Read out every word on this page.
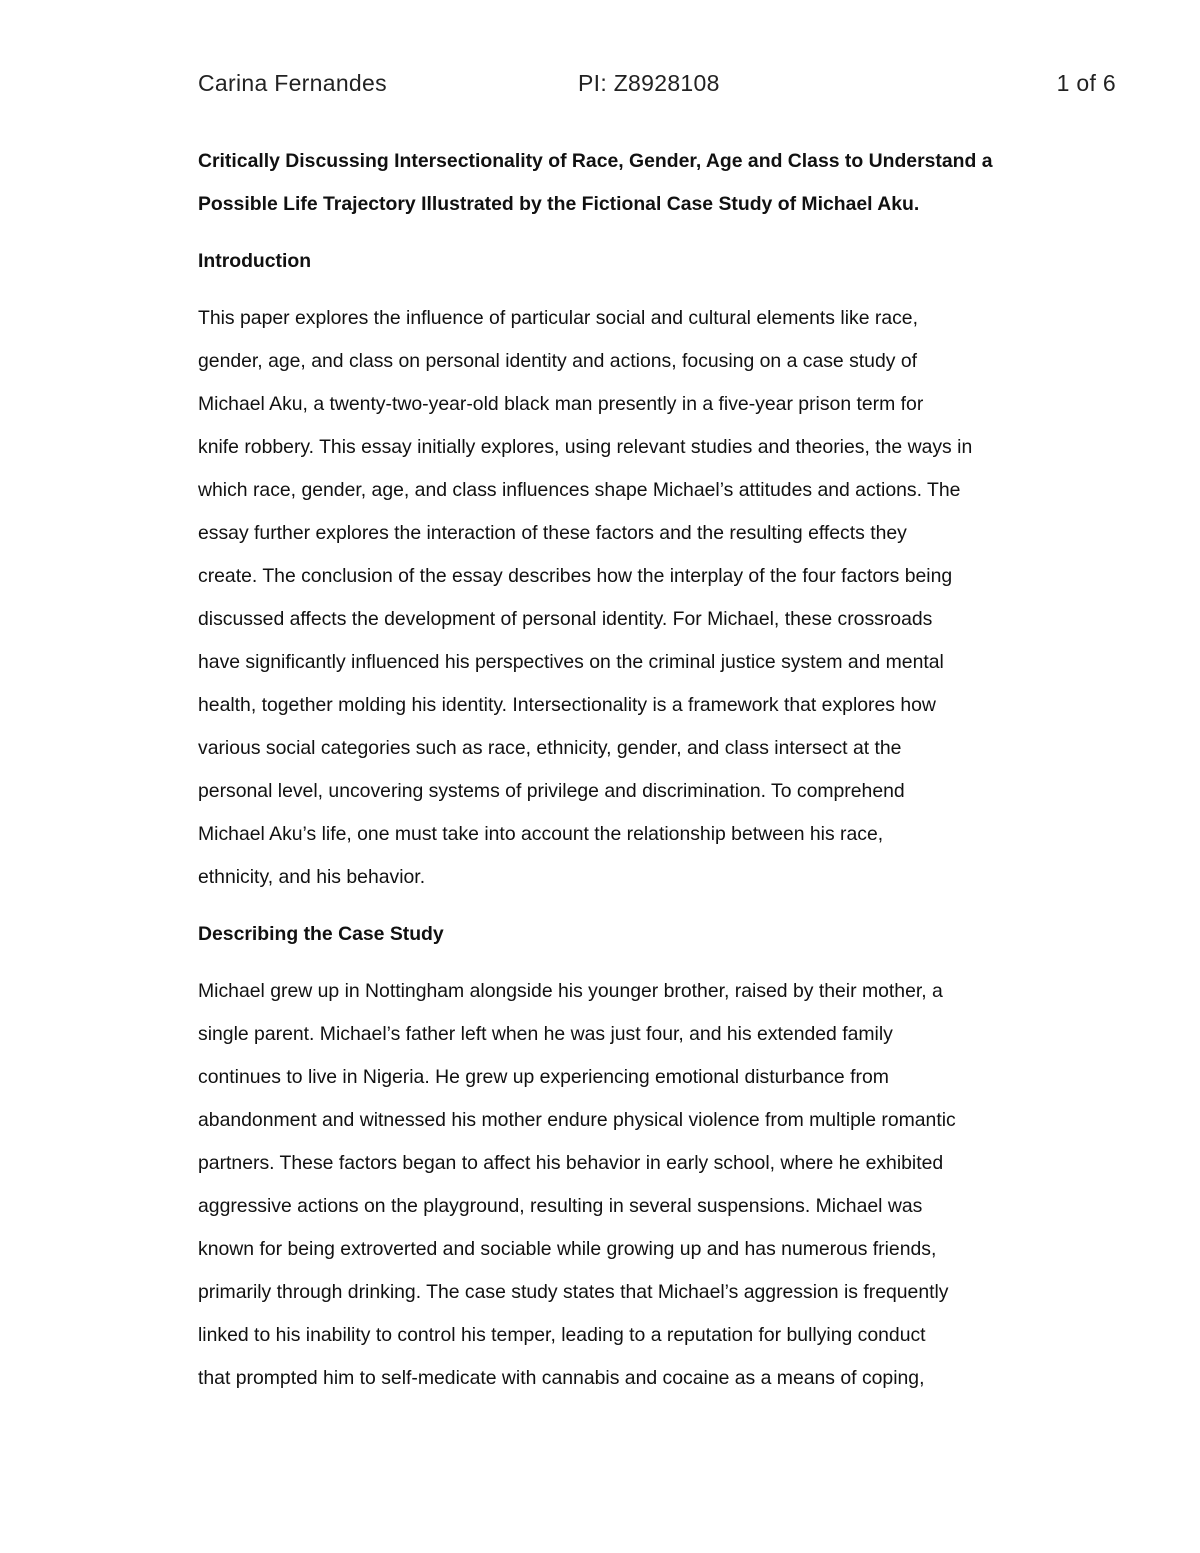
Carina Fernandes	PI: Z8928108	1 of 6
Critically Discussing Intersectionality of Race, Gender, Age and Class to Understand a
Possible Life Trajectory Illustrated by the Fictional Case Study of Michael Aku.
Introduction
This paper explores the influence of particular social and cultural elements like race,
gender, age, and class on personal identity and actions, focusing on a case study of
Michael Aku, a twenty-two-year-old black man presently in a five-year prison term for
knife robbery. This essay initially explores, using relevant studies and theories, the ways in
which race, gender, age, and class influences shape Michael’s attitudes and actions. The
essay further explores the interaction of these factors and the resulting effects they
create. The conclusion of the essay describes how the interplay of the four factors being
discussed affects the development of personal identity. For Michael, these crossroads
have significantly influenced his perspectives on the criminal justice system and mental
health, together molding his identity. Intersectionality is a framework that explores how
various social categories such as race, ethnicity, gender, and class intersect at the
personal level, uncovering systems of privilege and discrimination. To comprehend
Michael Aku’s life, one must take into account the relationship between his race,
ethnicity, and his behavior.
Describing the Case Study
Michael grew up in Nottingham alongside his younger brother, raised by their mother, a
single parent. Michael’s father left when he was just four, and his extended family
continues to live in Nigeria. He grew up experiencing emotional disturbance from
abandonment and witnessed his mother endure physical violence from multiple romantic
partners. These factors began to affect his behavior in early school, where he exhibited
aggressive actions on the playground, resulting in several suspensions. Michael was
known for being extroverted and sociable while growing up and has numerous friends,
primarily through drinking. The case study states that Michael’s aggression is frequently
linked to his inability to control his temper, leading to a reputation for bullying conduct
that prompted him to self-medicate with cannabis and cocaine as a means of coping,
